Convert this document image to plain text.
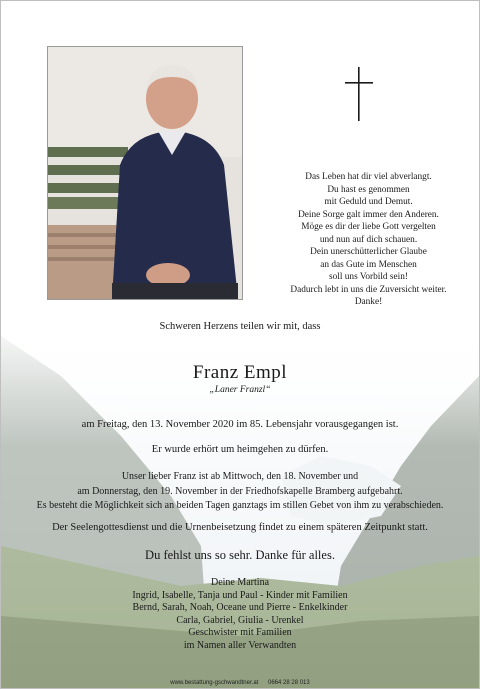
Das Leben hat dir viel abverlangt.
Du hast es genommen
mit Geduld und Demut.
Deine Sorge galt immer den Anderen.
Möge es dir der liebe Gott vergelten
und nun auf dich schauen.
Dein unerschütterlicher Glaube
an das Gute im Menschen
soll uns Vorbild sein!
Dadurch lebt in uns die Zuversicht weiter.
Danke!
Schweren Herzens teilen wir mit, dass
Franz Empl
„Laner Franzl“
am Freitag, den 13. November 2020 im 85. Lebensjahr vorausgegangen ist.
Er wurde erhört um heimgehen zu dürfen.
Unser lieber Franz ist ab Mittwoch, den 18. November und
am Donnerstag, den 19. November in der Friedhofskapelle Bramberg aufgebahrt.
Es besteht die Möglichkeit sich an beiden Tagen ganztags im stillen Gebet von ihm zu verabschieden.
Der Seelengottesdienst und die Urnenbeisetzung findet zu einem späteren Zeitpunkt statt.
Du fehlst uns so sehr. Danke für alles.
Deine Martina
Ingrid, Isabelle, Tanja und Paul - Kinder mit Familien
Bernd, Sarah, Noah, Oceane und Pierre - Enkelkinder
Carla, Gabriel, Giulia - Urenkel
Geschwister mit Familien
im Namen aller Verwandten
www.bestattung-gschwandtner.at 0664 28 28 013
